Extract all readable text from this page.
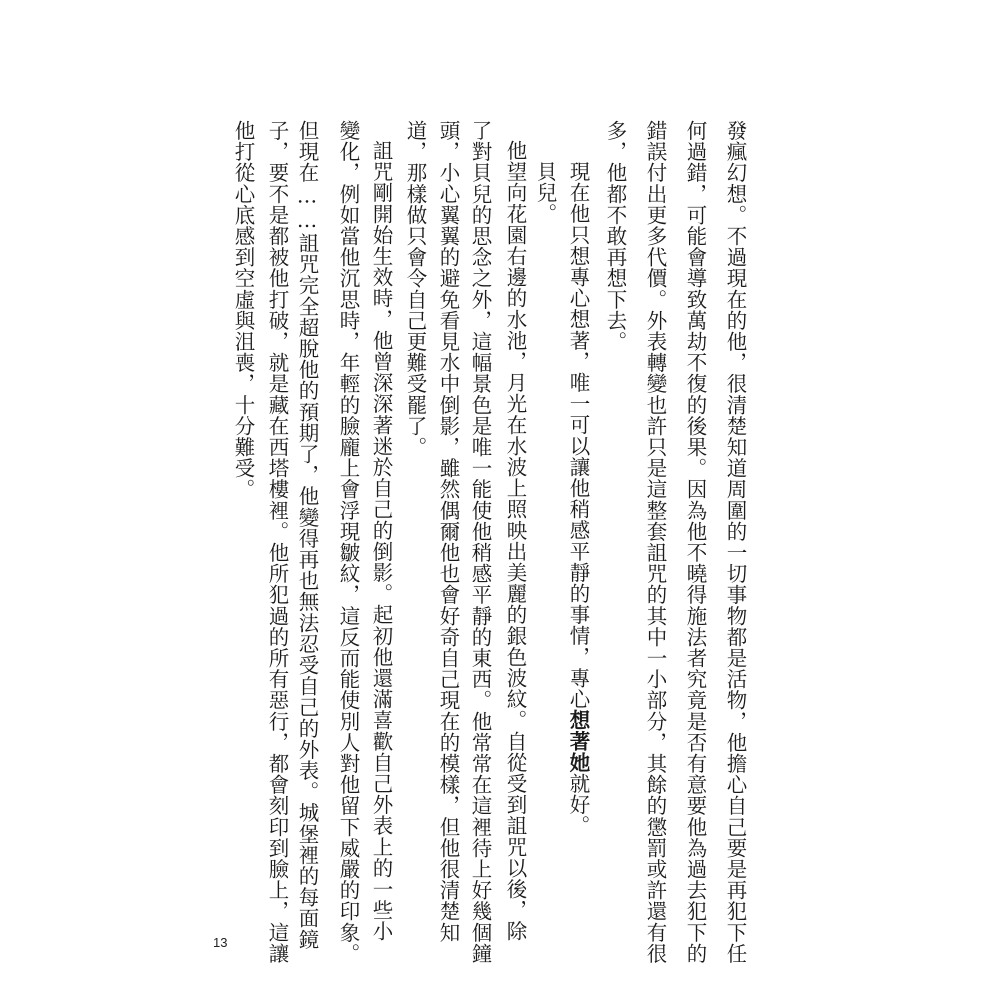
發瘋幻想。不過現在的他，很清楚知道周圍的一切事物都是活物，他擔心自己要是再犯下任
何過錯，可能會導致萬劫不復的後果。因為他不曉得施法者究竟是否有意要他為過去犯下的
錯誤付出更多代價。外表轉變也許只是這整套詛咒的其中一小部分，其餘的懲罰或許還有很
多，他都不敢再想下去。
現在他只想專心想著，唯一可以讓他稍感平靜的事情，專心想著她就好。
貝兒。
他望向花園右邊的水池，月光在水波上照映出美麗的銀色波紋。自從受到詛咒以後，除
了對貝兒的思念之外，這幅景色是唯一能使他稍感平靜的東西。他常常在這裡待上好幾個鐘
頭，小心翼翼的避免看見水中倒影，雖然偶爾他也會好奇自己現在的模樣，但他很清楚知
道，那樣做只會令自己更難受罷了。
詛咒剛開始生效時，他曾深深著迷於自己的倒影。起初他還滿喜歡自己外表上的一些小
變化，例如當他沉思時，年輕的臉龐上會浮現皺紋，這反而能使別人對他留下威嚴的印象。
但現在……詛咒完全超脫他的預期了，他變得再也無法忍受自己的外表。城堡裡的每面鏡
子，要不是都被他打破，就是藏在西塔樓裡。他所犯過的所有惡行，都會刻印到臉上，這讓
他打從心底感到空虛與沮喪，十分難受。
13
